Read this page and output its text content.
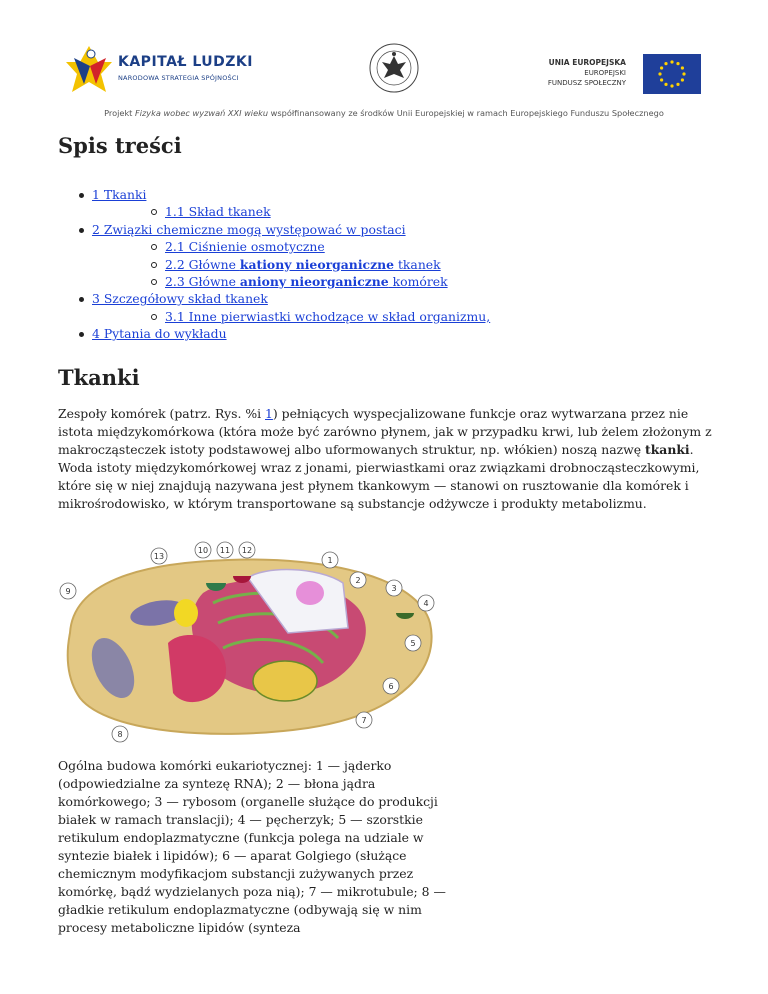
KAPITAŁ LUDZKI
NARODOWA STRATEGIA SPÓJNOŚCI
UNIA EUROPEJSKA
EUROPEJSKI
FUNDUSZ SPOŁECZNY
Projekt Fizyka wobec wyzwań XXI wieku współfinansowany ze środków Unii Europejskiej w ramach Europejskiego Funduszu Społecznego
Spis treści
1 Tkanki
1.1 Skład tkanek
2 Związki chemiczne mogą występować w postaci
2.1 Ciśnienie osmotyczne
2.2 Główne kationy nieorganiczne tkanek
2.3 Główne aniony nieorganiczne komórek
3 Szczegółowy skład tkanek
3.1 Inne pierwiastki wchodzące w skład organizmu,
4 Pytania do wykładu
Tkanki
Zespoły komórek (patrz. Rys. %i 1) pełniących wyspecjalizowane funkcje oraz wytwarzana przez nie istota międzykomórkowa (która może być zarówno płynem, jak w przypadku krwi, lub żelem złożonym z makrocząsteczek istoty podstawowej albo uformowanych struktur, np. włókien) noszą nazwę tkanki. Woda istoty międzykomórkowej wraz z jonami, pierwiastkami oraz związkami drobnocząsteczkowymi, które się w niej znajdują nazywana jest płynem tkankowym — stanowi on rusztowanie dla komórek i mikrośrodowisko, w którym transportowane są substancje odżywcze i produkty metabolizmu.
1
2
3
4
5
6
7
8
9
10 11 12
13
Ogólna budowa komórki eukariotycznej: 1 — jąderko (odpowiedzialne za syntezę RNA); 2 — błona jądra komórkowego; 3 — rybosom (organelle służące do produkcji białek w ramach translacji); 4 — pęcherzyk; 5 — szorstkie retikulum endoplazmatyczne (funkcja polega na udziale w syntezie białek i lipidów); 6 — aparat Golgiego (służące chemicznym modyfikacjom substancji zużywanych przez komórkę, bądź wydzielanych poza nią); 7 — mikrotubule; 8 — gładkie retikulum endoplazmatyczne (odbywają się w nim procesy metaboliczne lipidów (synteza
